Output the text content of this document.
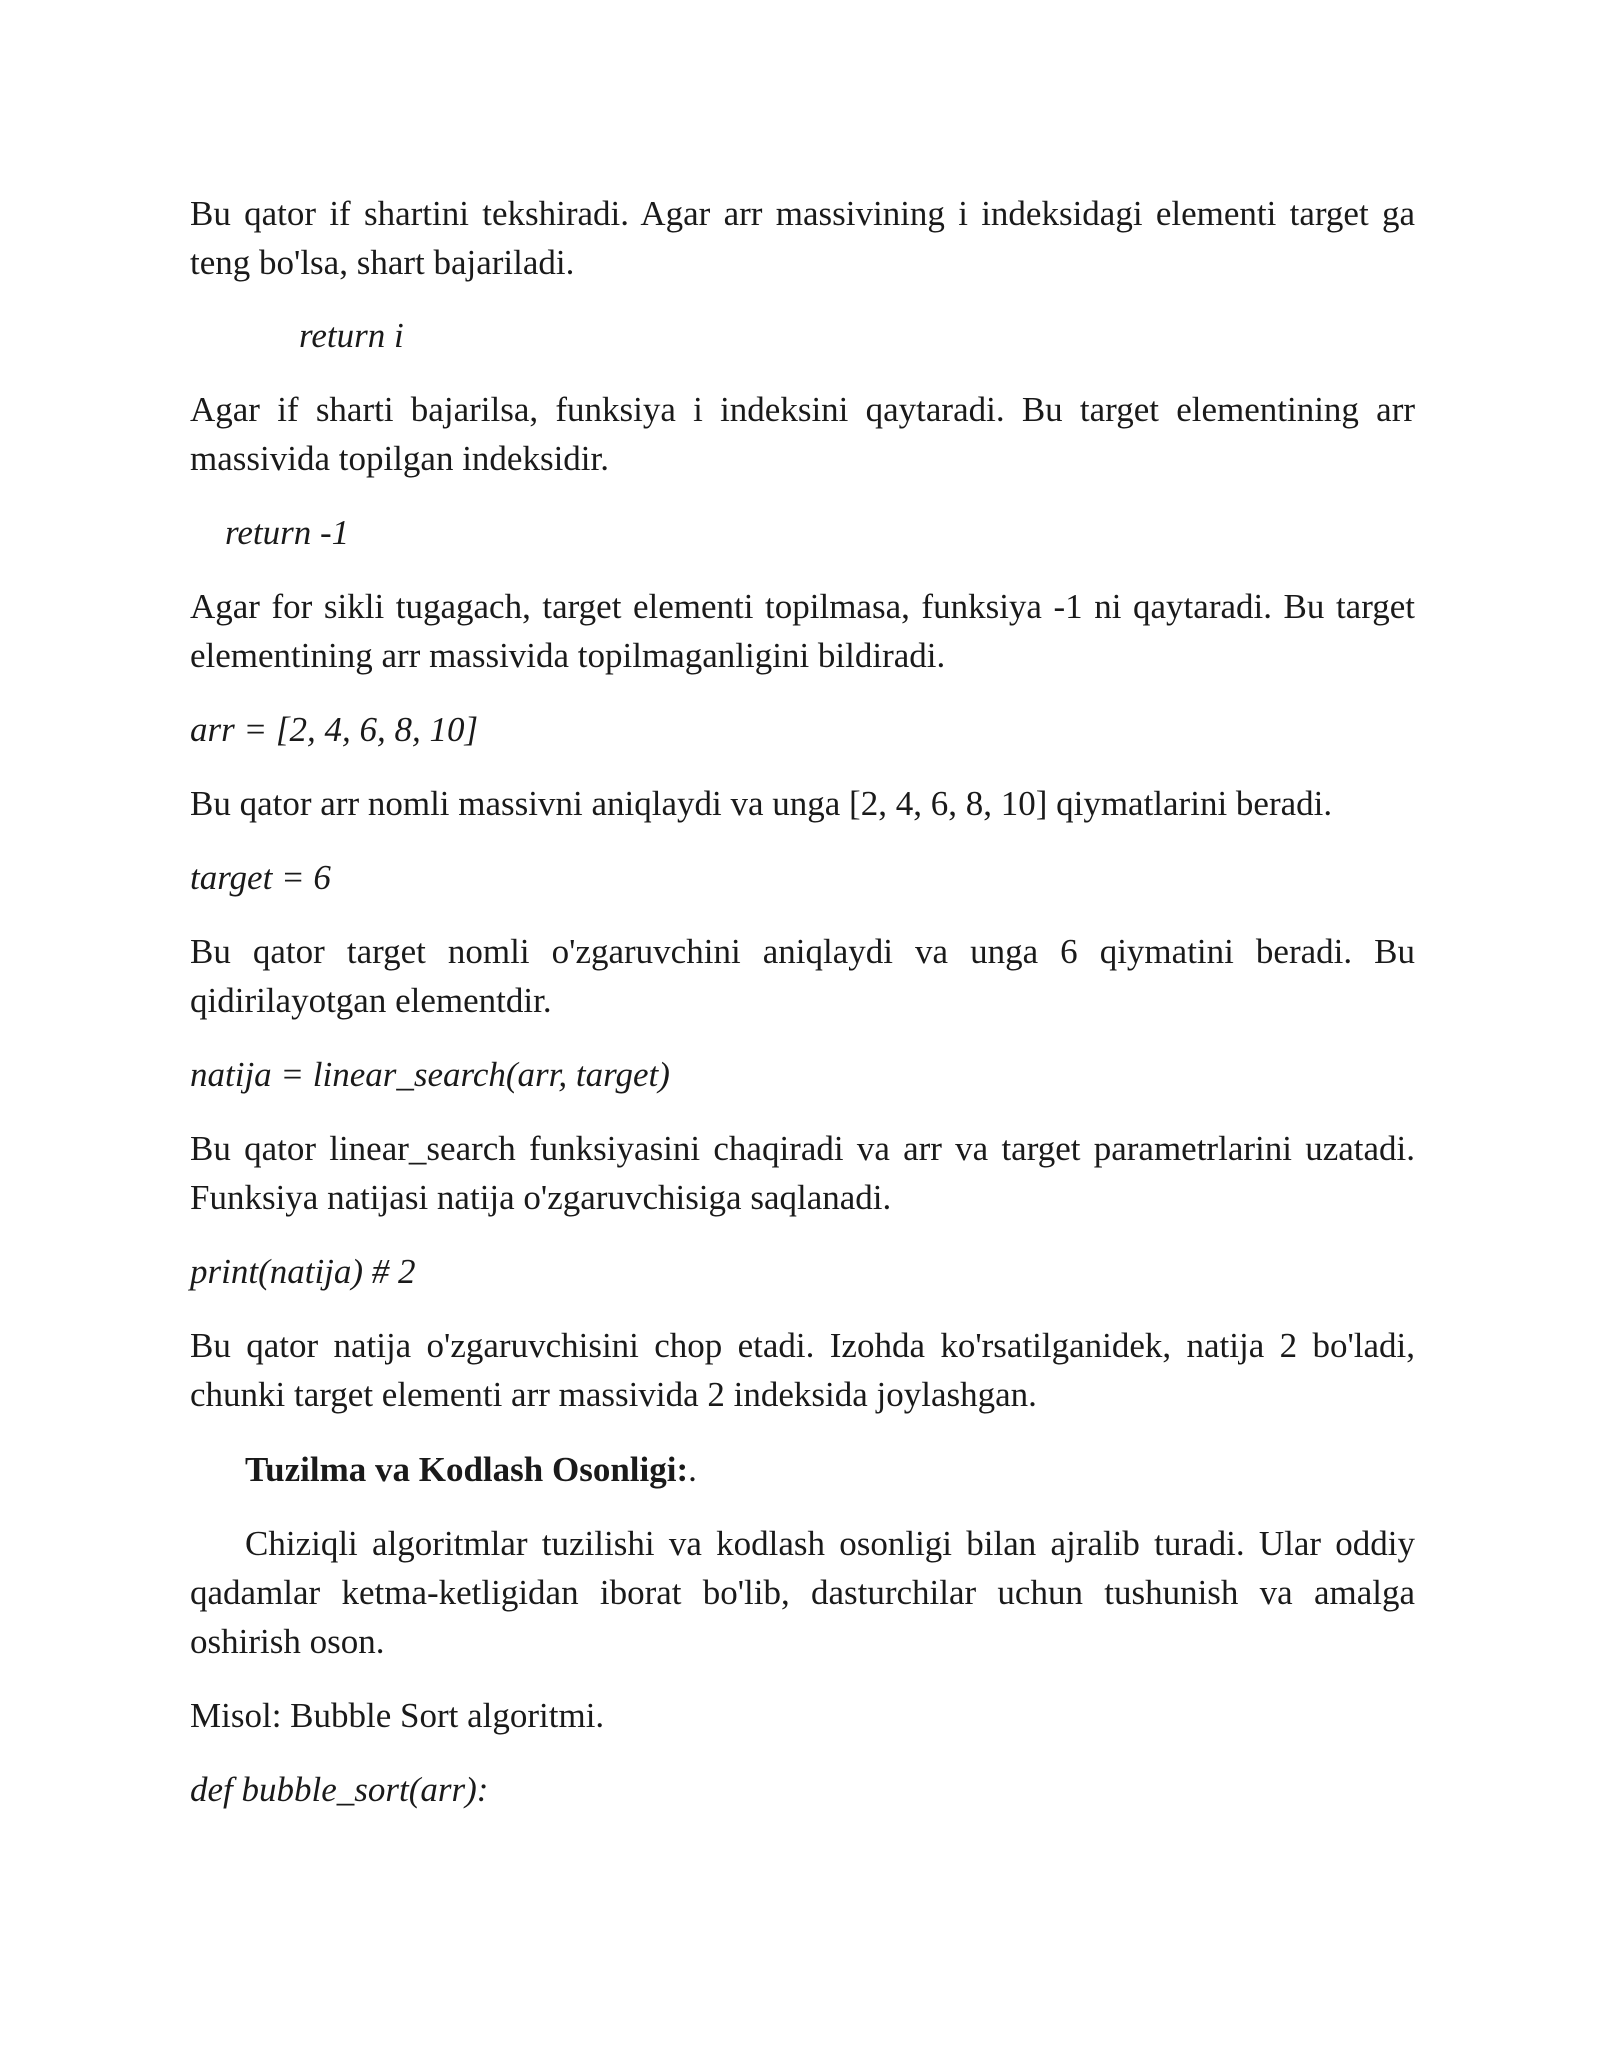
Bu qator if shartini tekshiradi. Agar arr massivining i indeksidagi elementi target ga teng bo'lsa, shart bajariladi.

return i

Agar if sharti bajarilsa, funksiya i indeksini qaytaradi. Bu target elementining arr massivida topilgan indeksidir.

return -1

Agar for sikli tugagach, target elementi topilmasa, funksiya -1 ni qaytaradi. Bu target elementining arr massivida topilmaganligini bildiradi.

arr = [2, 4, 6, 8, 10]

Bu qator arr nomli massivni aniqlaydi va unga [2, 4, 6, 8, 10] qiymatlarini beradi.

target = 6

Bu qator target nomli o'zgaruvchini aniqlaydi va unga 6 qiymatini beradi. Bu qidirilayotgan elementdir.

natija = linear_search(arr, target)

Bu qator linear_search funksiyasini chaqiradi va arr va target parametrlarini uzatadi. Funksiya natijasi natija o'zgaruvchisiga saqlanadi.

print(natija) # 2

Bu qator natija o'zgaruvchisini chop etadi. Izohda ko'rsatilganidek, natija 2 bo'ladi, chunki target elementi arr massivida 2 indeksida joylashgan.

Tuzilma va Kodlash Osonligi:.

Chiziqli algoritmlar tuzilishi va kodlash osonligi bilan ajralib turadi. Ular oddiy qadamlar ketma-ketligidan iborat bo'lib, dasturchilar uchun tushunish va amalga oshirish oson.

Misol: Bubble Sort algoritmi.

def bubble_sort(arr):
